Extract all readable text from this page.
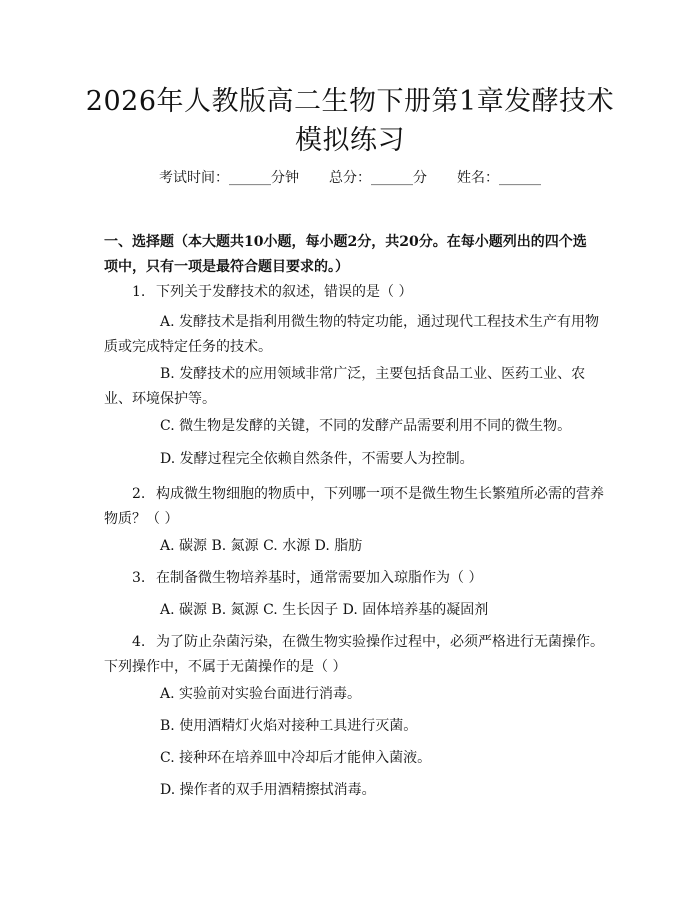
2026年人教版高二生物下册第1章发酵技术
模拟练习
考试时间：______分钟 总分：______分 姓名：______
一、选择题（本大题共10小题，每小题2分，共20分。在每小题列出的四个选
项中，只有一项是最符合题目要求的。）
1. 下列关于发酵技术的叙述，错误的是（ ）
A. 发酵技术是指利用微生物的特定功能，通过现代工程技术生产有用物
质或完成特定任务的技术。
B. 发酵技术的应用领域非常广泛，主要包括食品工业、医药工业、农
业、环境保护等。
C. 微生物是发酵的关键，不同的发酵产品需要利用不同的微生物。
D. 发酵过程完全依赖自然条件，不需要人为控制。
2. 构成微生物细胞的物质中，下列哪一项不是微生物生长繁殖所必需的营养
物质？（ ）
A. 碳源 B. 氮源 C. 水源 D. 脂肪
3. 在制备微生物培养基时，通常需要加入琼脂作为（ ）
A. 碳源 B. 氮源 C. 生长因子 D. 固体培养基的凝固剂
4. 为了防止杂菌污染，在微生物实验操作过程中，必须严格进行无菌操作。
下列操作中，不属于无菌操作的是（ ）
A. 实验前对实验台面进行消毒。
B. 使用酒精灯火焰对接种工具进行灭菌。
C. 接种环在培养皿中冷却后才能伸入菌液。
D. 操作者的双手用酒精擦拭消毒。
